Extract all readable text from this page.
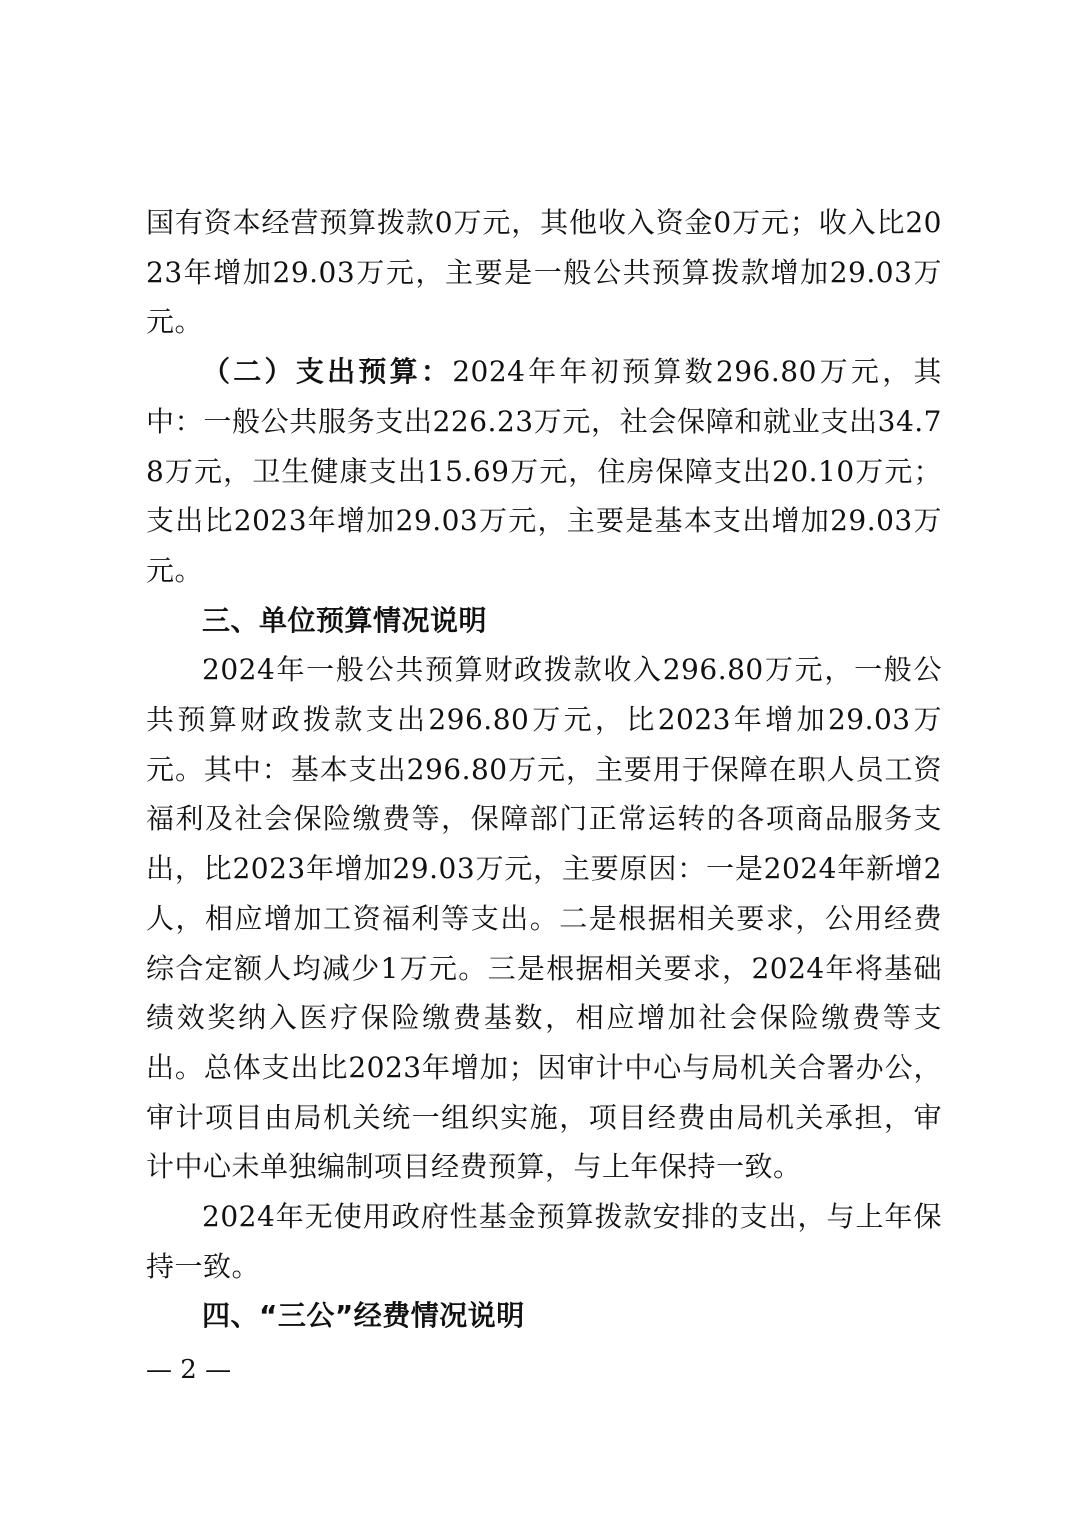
国有资本经营预算拨款0万元，其他收入资金0万元；收入比2023年增加29.03万元，主要是一般公共预算拨款增加29.03万元。

（二）支出预算：2024年年初预算数296.80万元，其中：一般公共服务支出226.23万元，社会保障和就业支出34.78万元，卫生健康支出15.69万元，住房保障支出20.10万元；支出比2023年增加29.03万元，主要是基本支出增加29.03万元。

三、单位预算情况说明

2024年一般公共预算财政拨款收入296.80万元，一般公共预算财政拨款支出296.80万元，比2023年增加29.03万元。其中：基本支出296.80万元，主要用于保障在职人员工资福利及社会保险缴费等，保障部门正常运转的各项商品服务支出，比2023年增加29.03万元，主要原因：一是2024年新增2人，相应增加工资福利等支出。二是根据相关要求，公用经费综合定额人均减少1万元。三是根据相关要求，2024年将基础绩效奖纳入医疗保险缴费基数，相应增加社会保险缴费等支出。总体支出比2023年增加；因审计中心与局机关合署办公，审计项目由局机关统一组织实施，项目经费由局机关承担，审计中心未单独编制项目经费预算，与上年保持一致。

2024年无使用政府性基金预算拨款安排的支出，与上年保持一致。

四、“三公”经费情况说明

— 2 —
